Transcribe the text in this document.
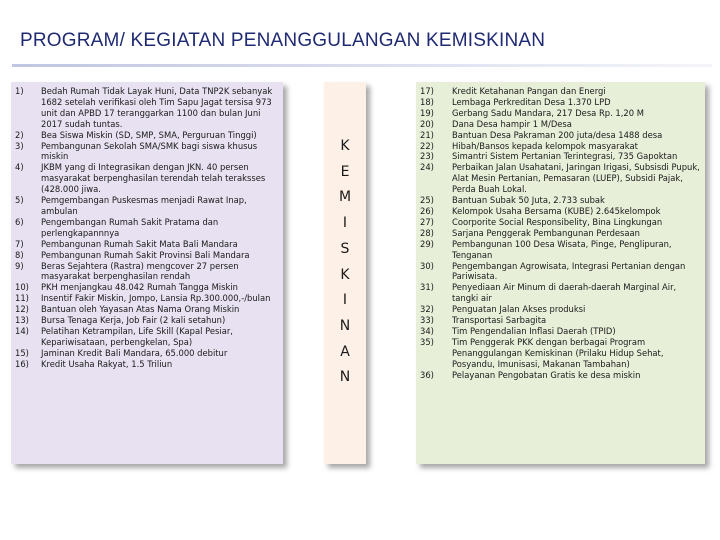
PROGRAM/ KEGIATAN PENANGGULANGAN KEMISKINAN
1) Bedah Rumah Tidak Layak Huni, Data TNP2K sebanyak 1682 setelah verifikasi oleh Tim Sapu Jagat tersisa 973 unit dan APBD 17 teranggarkan 1100 dan bulan Juni 2017 sudah tuntas.
2) Bea Siswa Miskin (SD, SMP, SMA, Perguruan Tinggi)
3) Pembangunan Sekolah SMA/SMK bagi siswa khusus miskin
4) JKBM yang di Integrasikan dengan JKN. 40 persen masyarakat berpenghasilan terendah telah teraksses (428.000 jiwa.
5) Pemgembangan Puskesmas menjadi Rawat Inap, ambulan
6) Pengembangan Rumah Sakit Pratama dan perlengkapannnya
7) Pembangunan Rumah Sakit Mata Bali Mandara
8) Pembangunan Rumah Sakit Provinsi Bali Mandara
9) Beras Sejahtera (Rastra) mengcover 27 persen masyarakat berpenghasilan rendah
10) PKH menjangkau 48.042 Rumah Tangga Miskin
11) Insentif Fakir Miskin, Jompo, Lansia Rp.300.000,-/bulan
12) Bantuan oleh Yayasan Atas Nama Orang Miskin
13) Bursa Tenaga Kerja, Job Fair (2 kali setahun)
14) Pelatihan Ketrampilan, Life Skill (Kapal Pesiar, Kepariwisataan, perbengkelan, Spa)
15) Jaminan Kredit Bali Mandara, 65.000 debitur
16) Kredit Usaha Rakyat, 1.5 Triliun
K
E
M
I
S
K
I
N
A
N
17) Kredit Ketahanan Pangan dan Energi
18) Lembaga Perkreditan Desa 1.370 LPD
19) Gerbang Sadu Mandara, 217 Desa Rp. 1,20 M
20) Dana Desa hampir 1 M/Desa
21) Bantuan Desa Pakraman 200 juta/desa 1488 desa
22) Hibah/Bansos kepada kelompok masyarakat
23) Simantri Sistem Pertanian Terintegrasi, 735 Gapoktan
24) Perbaikan Jalan Usahatani, Jaringan Irigasi, Subsisdi Pupuk, Alat Mesin Pertanian, Pemasaran (LUEP), Subsidi Pajak, Perda Buah Lokal.
25) Bantuan Subak 50 Juta, 2.733 subak
26) Kelompok Usaha Bersama (KUBE) 2.645kelompok
27) Coorporite Social Responsibelity, Bina Lingkungan
28) Sarjana Penggerak Pembangunan Perdesaan
29) Pembangunan 100 Desa Wisata, Pinge, Penglipuran, Tenganan
30) Pengembangan Agrowisata, Integrasi Pertanian dengan Pariwisata.
31) Penyediaan Air Minum di daerah-daerah Marginal Air, tangki air
32) Penguatan Jalan Akses produksi
33) Transportasi Sarbagita
34) Tim Pengendalian Inflasi Daerah (TPID)
35) Tim Penggerak PKK dengan berbagai Program Penanggulangan Kemiskinan (Prilaku Hidup Sehat, Posyandu, Imunisasi, Makanan Tambahan)
36) Pelayanan Pengobatan Gratis ke desa miskin
